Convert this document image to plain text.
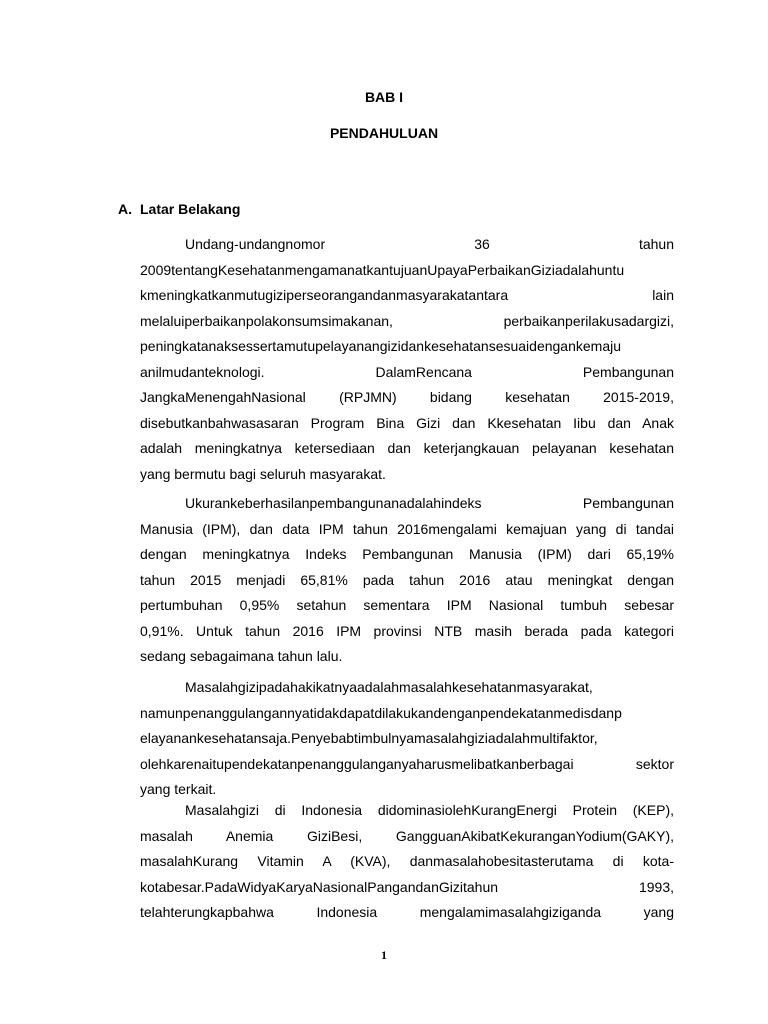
BAB I
PENDAHULUAN
A. Latar Belakang
Undang-undangnomor 36 tahun
2009tentangKesehatanmengamanatkantujuanUpayaPerbaikanGiziadalahuntu
kmeningkatkanmutugiziperseorangandanmasyarakatantara lain
melaluiperbaikanpolakonsumsimakanan, perbaikanperilakusadargizi,
peningkatanaksessertamutupelayanangizidankesehatansesuaidengankemaju
anilmudanteknologi. DalamRencana Pembangunan
JangkaMenengahNasional (RPJMN) bidang kesehatan 2015-2019,
disebutkanbahwasasaran Program Bina Gizi dan Kkesehatan Iibu dan Anak
adalah meningkatnya ketersediaan dan keterjangkauan pelayanan kesehatan
yang bermutu bagi seluruh masyarakat.
Ukurankeberhasilanpembangunanadalahindeks Pembangunan
Manusia (IPM), dan data IPM tahun 2016mengalami kemajuan yang di tandai
dengan meningkatnya Indeks Pembangunan Manusia (IPM) dari 65,19%
tahun 2015 menjadi 65,81% pada tahun 2016 atau meningkat dengan
pertumbuhan 0,95% setahun sementara IPM Nasional tumbuh sebesar
0,91%. Untuk tahun 2016 IPM provinsi NTB masih berada pada kategori
sedang sebagaimana tahun lalu.
Masalahgizipadahakikatnyaadalahmasalahkesehatanmasyarakat,
namunpenanggulangannyatidakdapatdilakukandenganpendekatanmedisdanp
elayanankesehatansaja.Penyebabtimbulnyamasalahgiziadalahmultifaktor,
olehkarenaitupendekatanpenanggulanganyaharusmelibatkanberbagai sektor
yang terkait.
Masalahgizi di Indonesia didominasiolehKurangEnergi Protein (KEP),
masalah Anemia GiziBesi, GangguanAkibatKekuranganYodium(GAKY),
masalahKurang Vitamin A (KVA), danmasalahobesitasterutama di kota-
kotabesar.PadaWidyaKaryaNasionalPangandanGizitahun 1993,
telahterungkapbahwa Indonesia mengalamimasalahgiziganda yang
1
